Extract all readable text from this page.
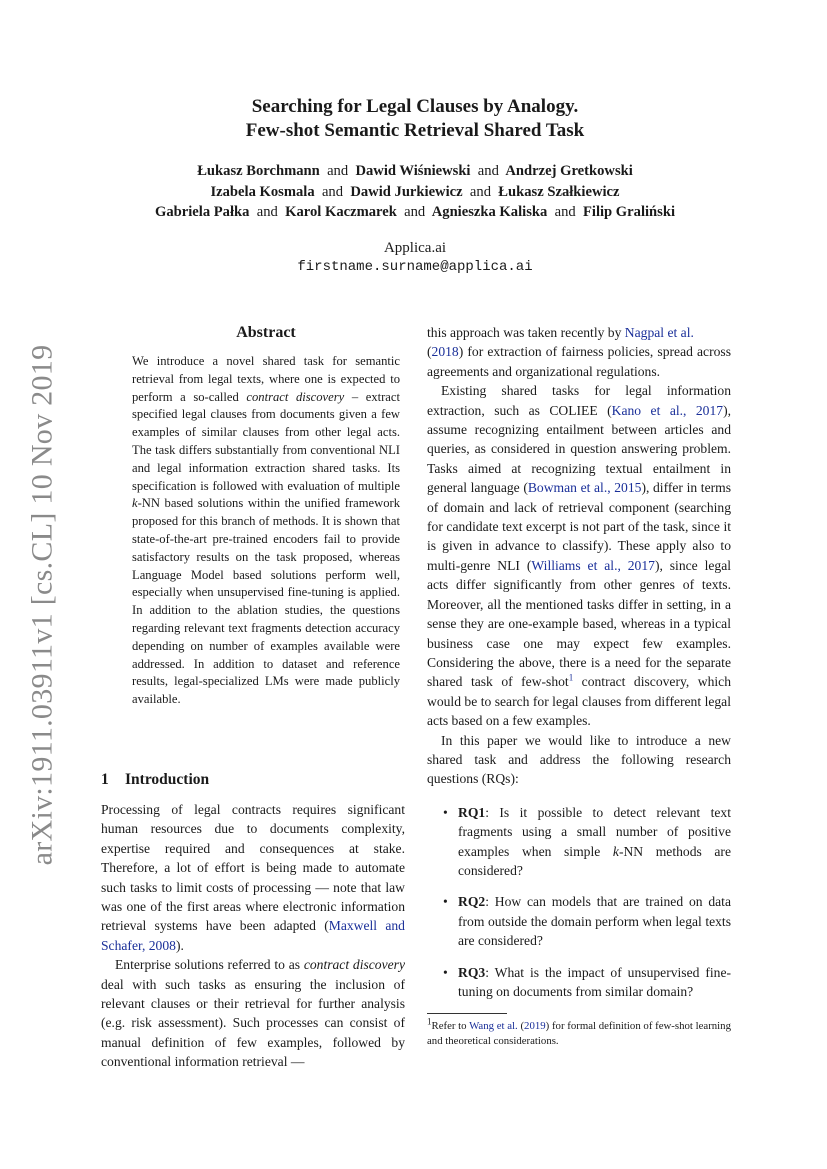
arXiv:1911.03911v1 [cs.CL] 10 Nov 2019
Searching for Legal Clauses by Analogy.
Few-shot Semantic Retrieval Shared Task
Łukasz Borchmann and Dawid Wiśniewski and Andrzej Gretkowski
Izabela Kosmala and Dawid Jurkiewicz and Łukasz Szałkiewicz
Gabriela Pałka and Karol Kaczmarek and Agnieszka Kaliska and Filip Graliński
Applica.ai
firstname.surname@applica.ai
Abstract

We introduce a novel shared task for semantic retrieval from legal texts, where one is expected to perform a so-called contract discovery – extract specified legal clauses from documents given a few examples of similar clauses from other legal acts. The task differs substantially from conventional NLI and legal information extraction shared tasks. Its specification is followed with evaluation of multiple k-NN based solutions within the unified framework proposed for this branch of methods. It is shown that state-of-the-art pre-trained encoders fail to provide satisfactory results on the task proposed, whereas Language Model based solutions perform well, especially when unsupervised fine-tuning is applied. In addition to the ablation studies, the questions regarding relevant text fragments detection accuracy depending on number of examples available were addressed. In addition to dataset and reference results, legal-specialized LMs were made publicly available.

1 Introduction

Processing of legal contracts requires significant human resources due to documents complexity, expertise required and consequences at stake. Therefore, a lot of effort is being made to automate such tasks to limit costs of processing — note that law was one of the first areas where electronic information retrieval systems have been adapted (Maxwell and Schafer, 2008).

Enterprise solutions referred to as contract discovery deal with such tasks as ensuring the inclusion of relevant clauses or their retrieval for further analysis (e.g. risk assessment). Such processes can consist of manual definition of few examples, followed by conventional information retrieval —

this approach was taken recently by Nagpal et al.
(2018) for extraction of fairness policies, spread across agreements and organizational regulations.

Existing shared tasks for legal information extraction, such as COLIEE (Kano et al., 2017), assume recognizing entailment between articles and queries, as considered in question answering problem. Tasks aimed at recognizing textual entailment in general language (Bowman et al., 2015), differ in terms of domain and lack of retrieval component (searching for candidate text excerpt is not part of the task, since it is given in advance to classify). These apply also to multi-genre NLI (Williams et al., 2017), since legal acts differ significantly from other genres of texts. Moreover, all the mentioned tasks differ in setting, in a sense they are one-example based, whereas in a typical business case one may expect few examples. Considering the above, there is a need for the separate shared task of few-shot$^1$ contract discovery, which would be to search for legal clauses from different legal acts based on a few examples.

In this paper we would like to introduce a new shared task and address the following research questions (RQs):

• RQ1: Is it possible to detect relevant text fragments using a small number of positive examples when simple k-NN methods are considered?
• RQ2: How can models that are trained on data from outside the domain perform when legal texts are considered?
• RQ3: What is the impact of unsupervised fine-tuning on documents from similar domain?
$^1$Refer to Wang et al. (2019) for formal definition of few-shot learning and theoretical considerations.
